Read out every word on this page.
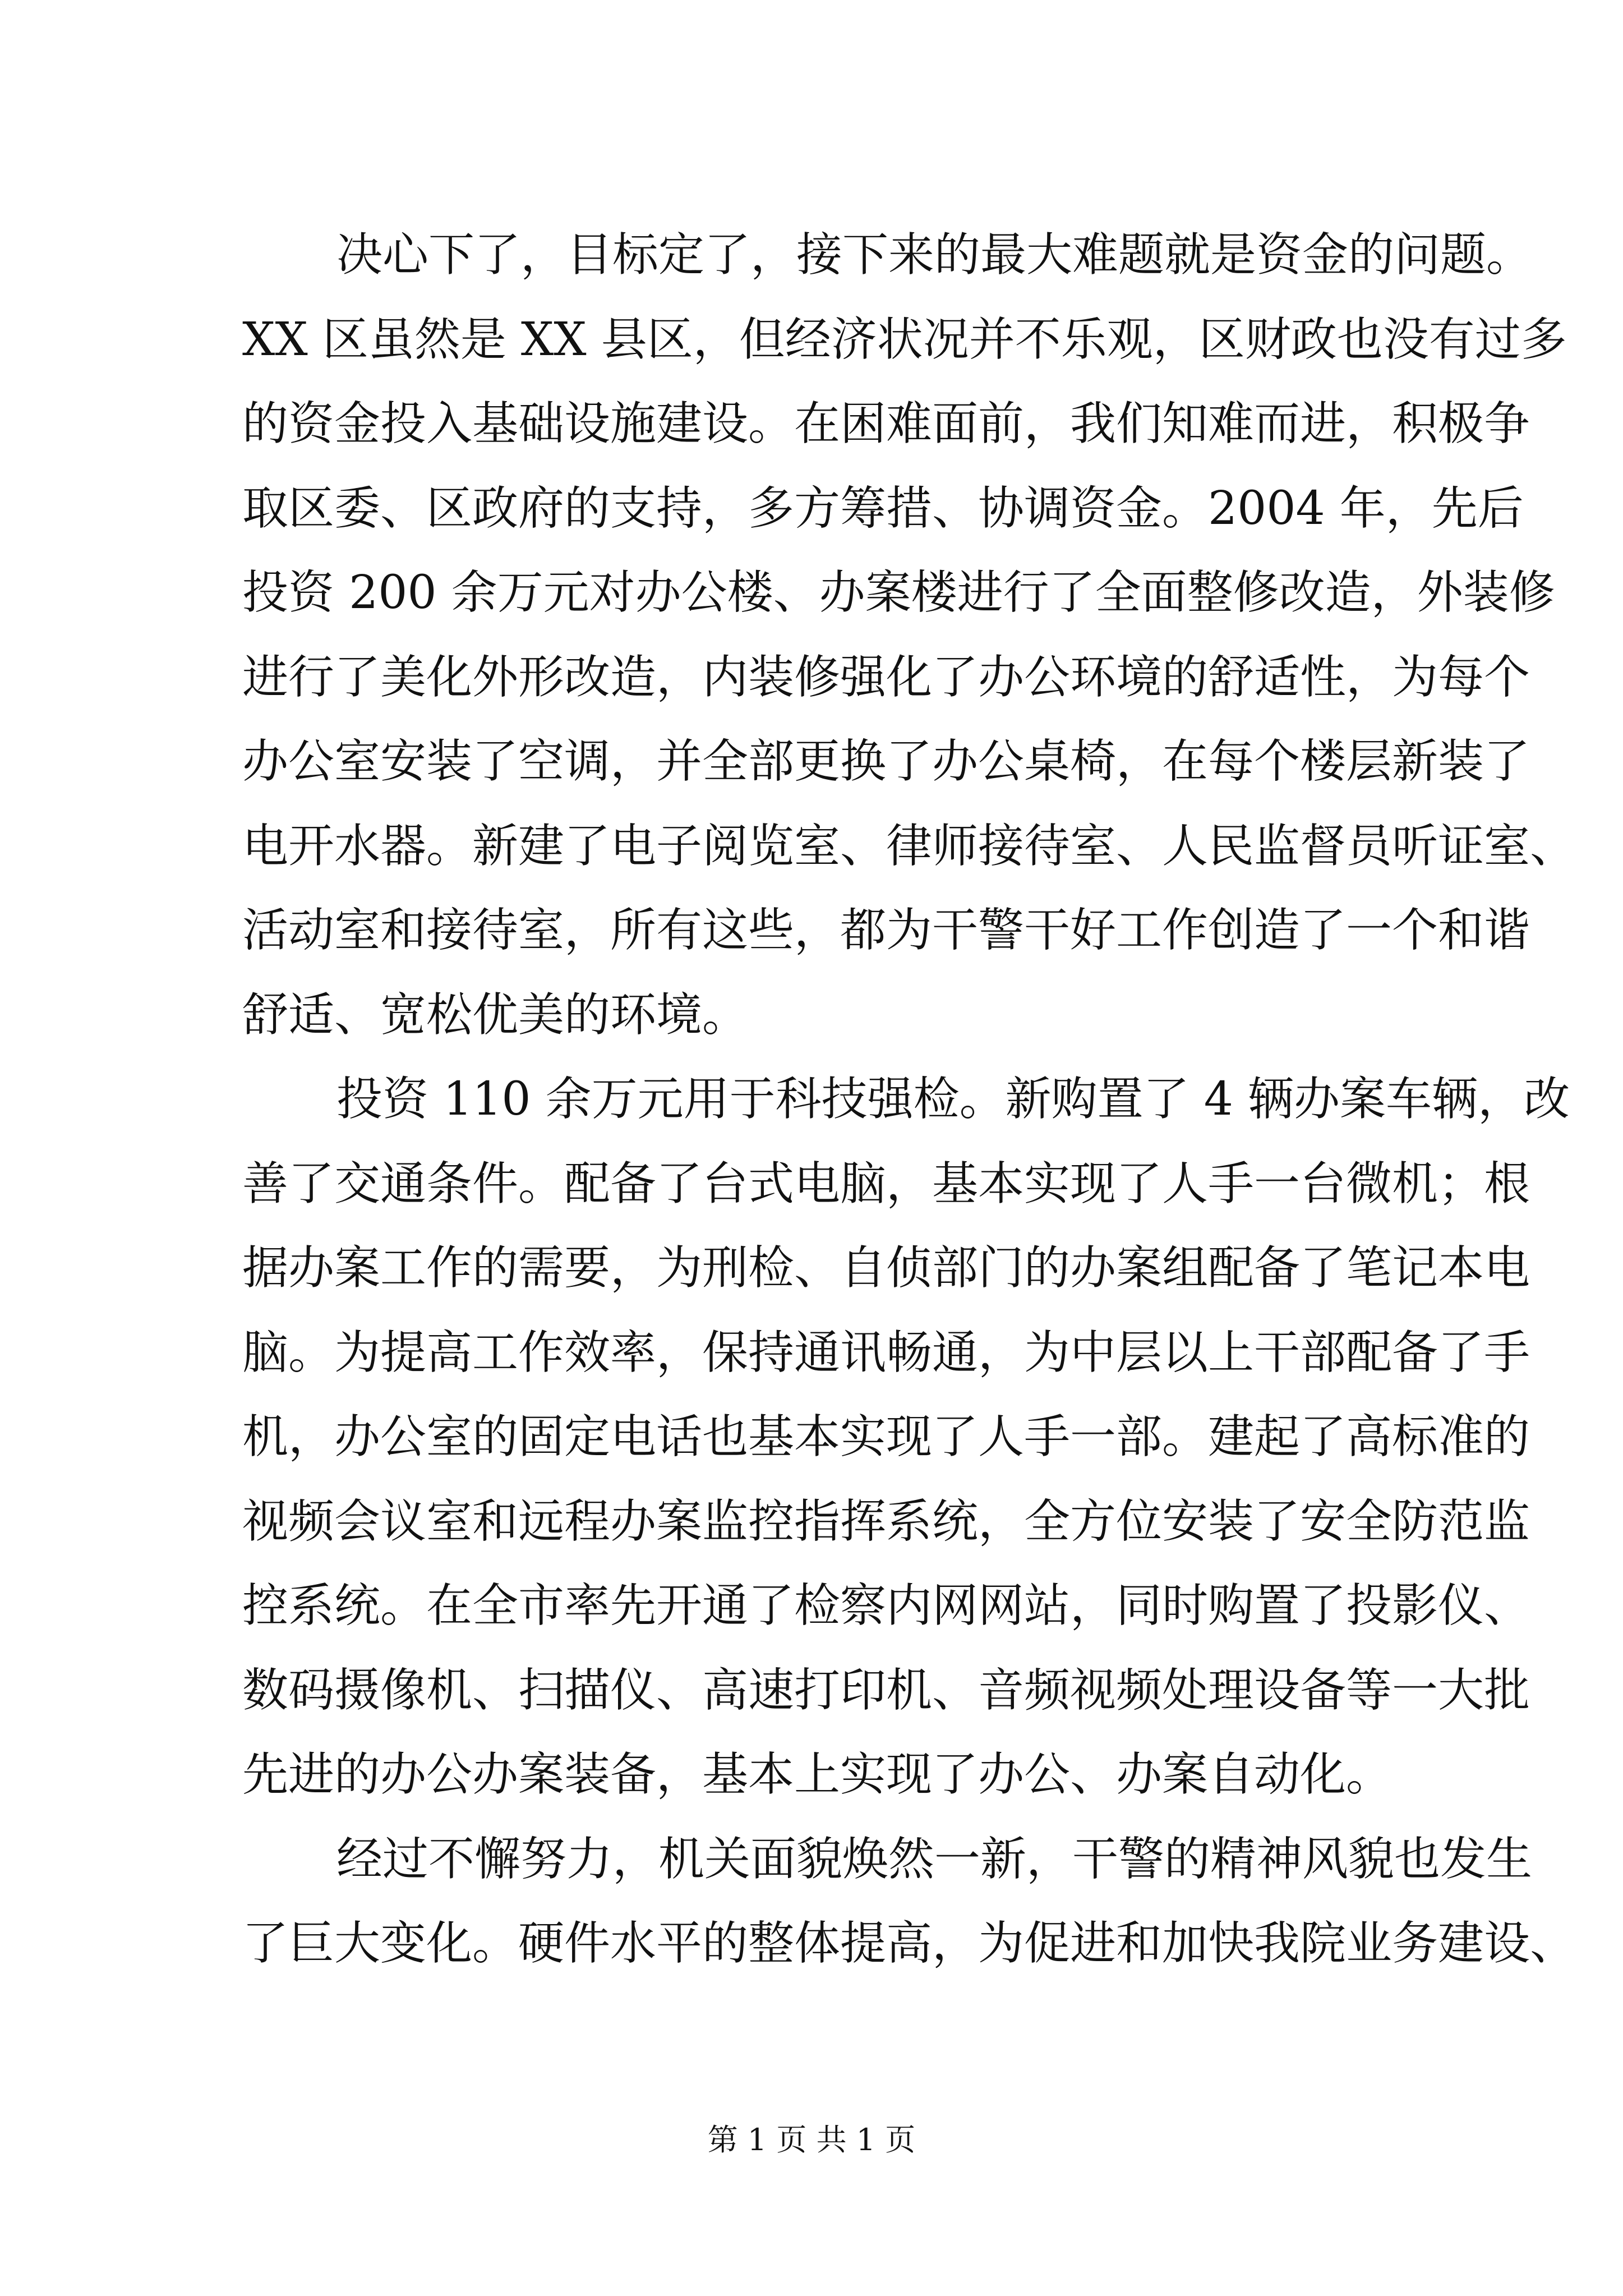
决心下了，目标定了，接下来的最大难题就是资金的问题。
XX 区虽然是 XX 县区，但经济状况并不乐观，区财政也没有过多
的资金投入基础设施建设。在困难面前，我们知难而进，积极争
取区委、区政府的支持，多方筹措、协调资金。2004 年，先后
投资 200 余万元对办公楼、办案楼进行了全面整修改造，外装修
进行了美化外形改造，内装修强化了办公环境的舒适性，为每个
办公室安装了空调，并全部更换了办公桌椅，在每个楼层新装了
电开水器。新建了电子阅览室、律师接待室、人民监督员听证室、
活动室和接待室，所有这些，都为干警干好工作创造了一个和谐
舒适、宽松优美的环境。
投资 110 余万元用于科技强检。新购置了 4 辆办案车辆，改
善了交通条件。配备了台式电脑，基本实现了人手一台微机；根
据办案工作的需要，为刑检、自侦部门的办案组配备了笔记本电
脑。为提高工作效率，保持通讯畅通，为中层以上干部配备了手
机，办公室的固定电话也基本实现了人手一部。建起了高标准的
视频会议室和远程办案监控指挥系统，全方位安装了安全防范监
控系统。在全市率先开通了检察内网网站，同时购置了投影仪、
数码摄像机、扫描仪、高速打印机、音频视频处理设备等一大批
先进的办公办案装备，基本上实现了办公、办案自动化。
经过不懈努力，机关面貌焕然一新，干警的精神风貌也发生
了巨大变化。硬件水平的整体提高，为促进和加快我院业务建设、
第 1 页 共 1 页
